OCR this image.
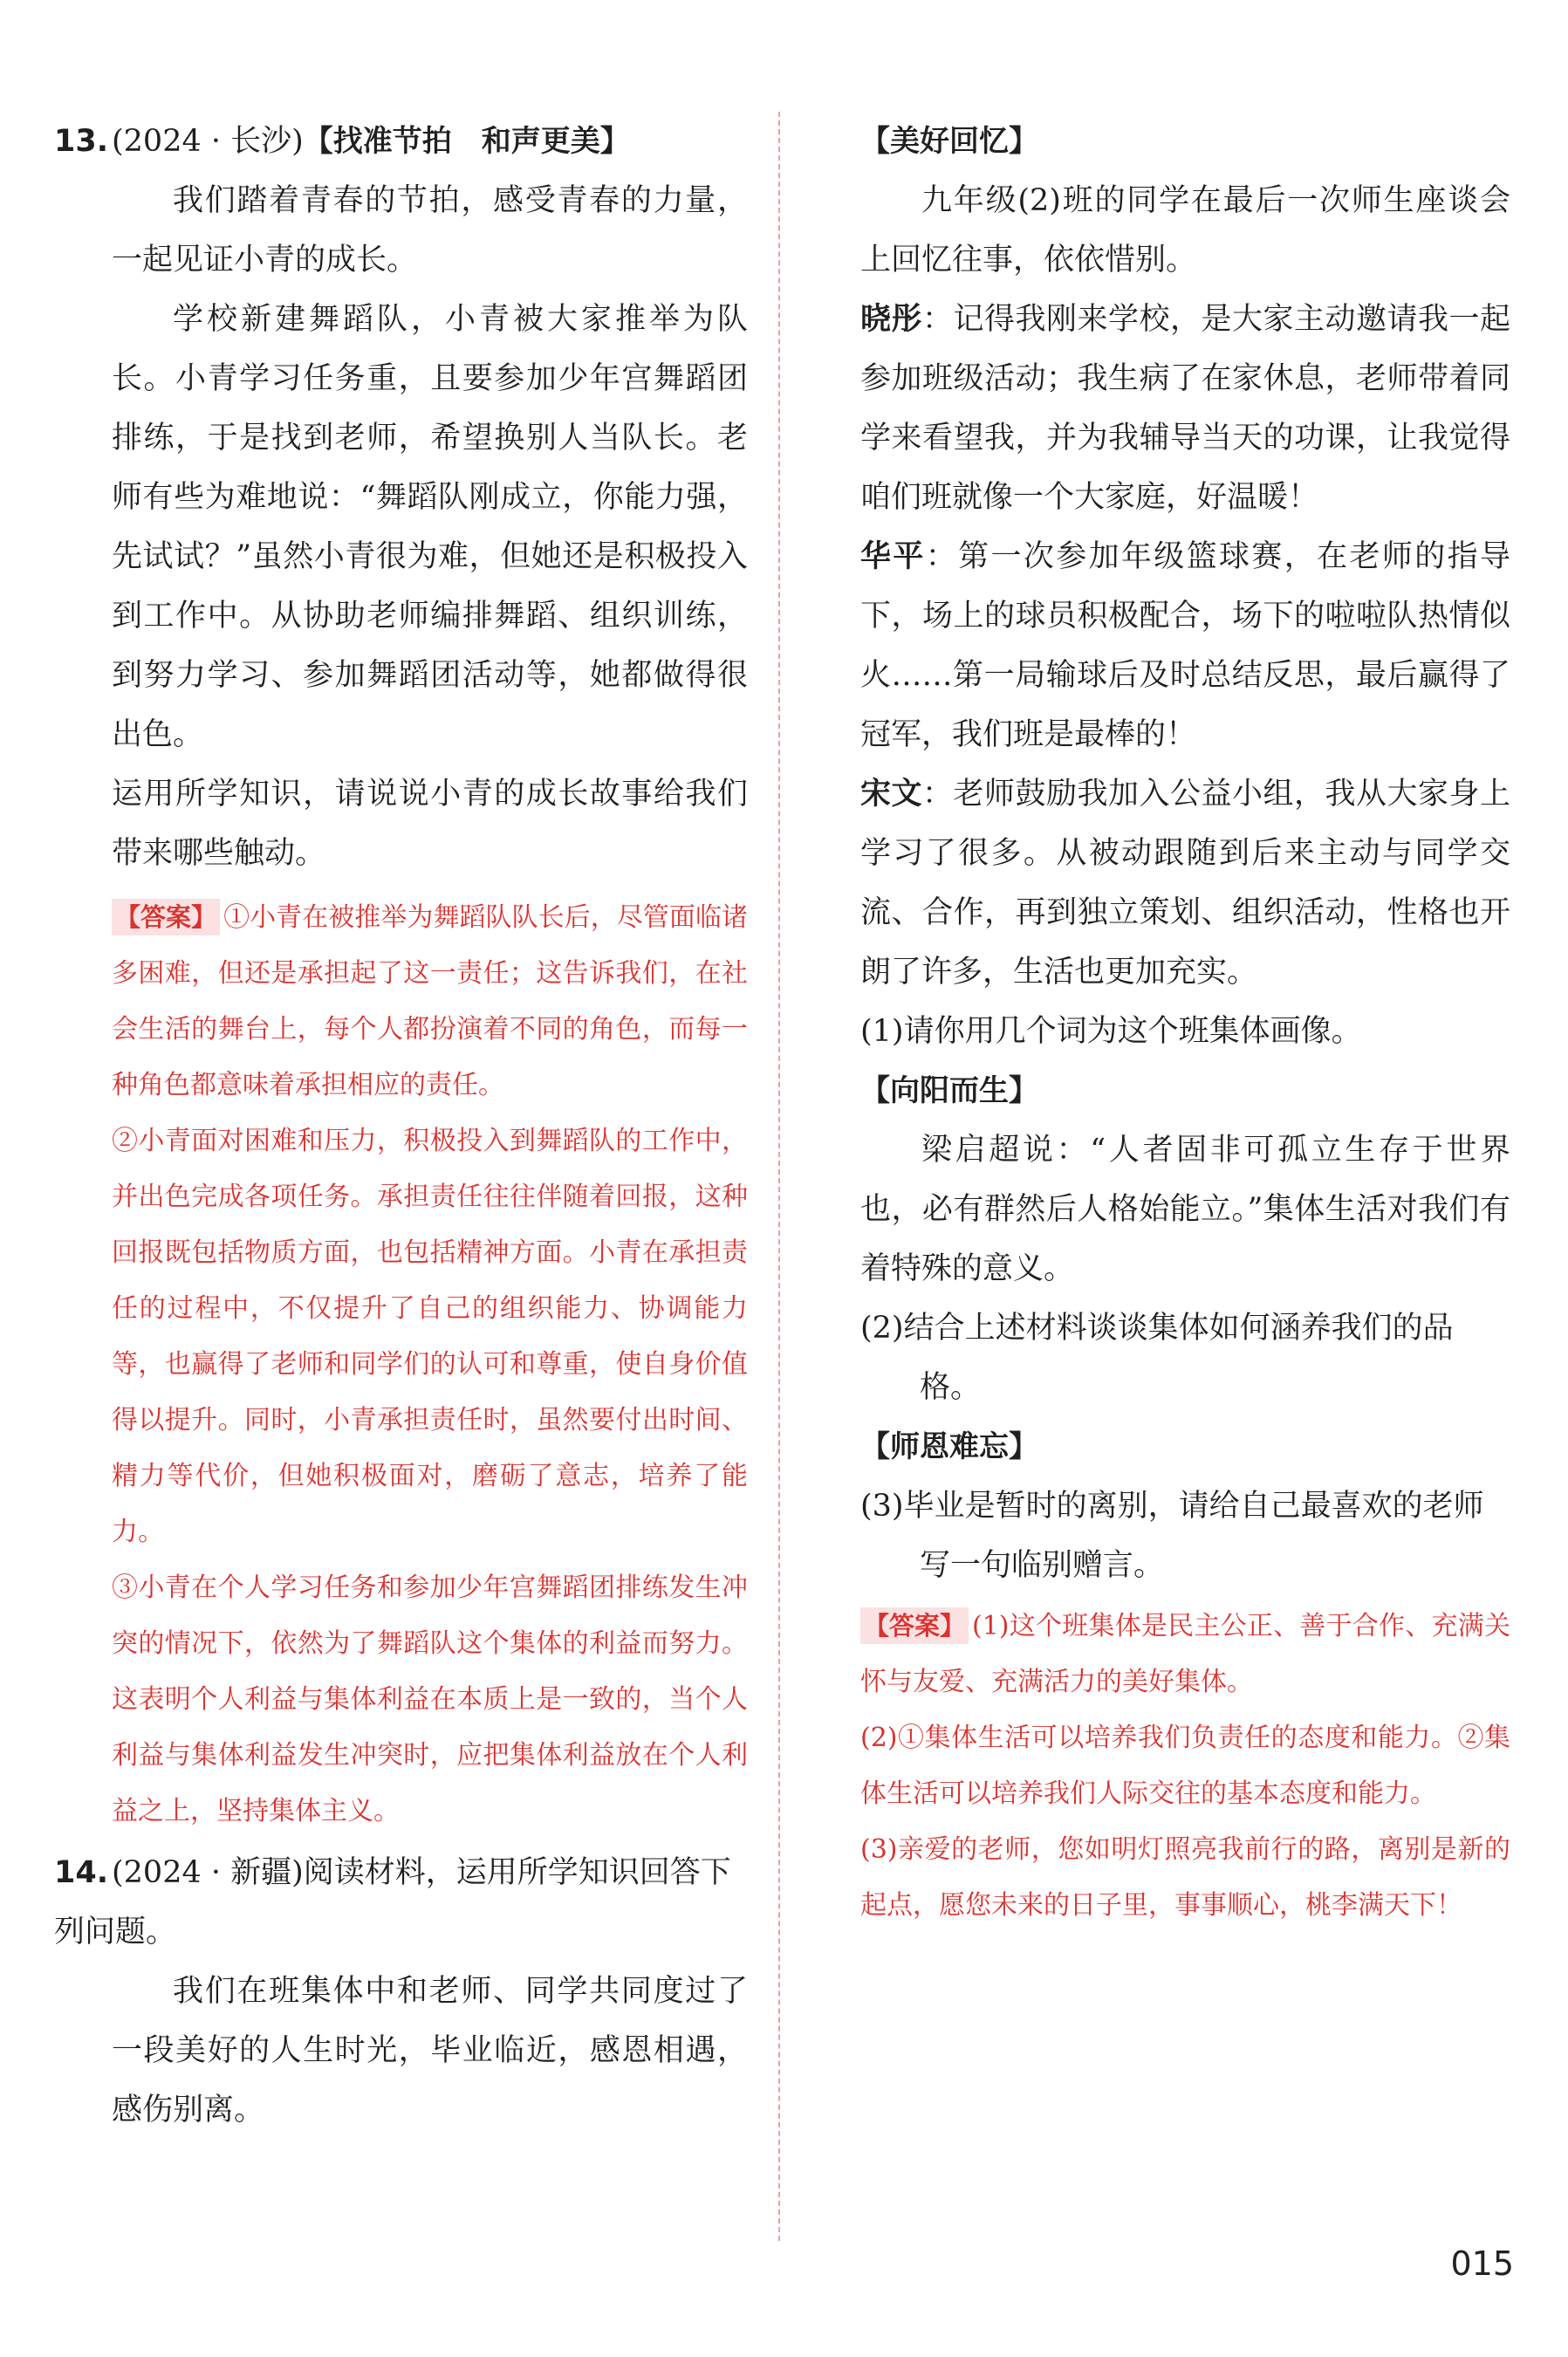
13. (2024 · 长沙)【找准节拍　和声更美】

我们踏着青春的节拍，感受青春的力量，一起见证小青的成长。

学校新建舞蹈队，小青被大家推举为队长。小青学习任务重，且要参加少年宫舞蹈团排练，于是找到老师，希望换别人当队长。老师有些为难地说：“舞蹈队刚成立，你能力强，先试试？”虽然小青很为难，但她还是积极投入到工作中。从协助老师编排舞蹈、组织训练，到努力学习、参加舞蹈团活动等，她都做得很出色。

运用所学知识，请说说小青的成长故事给我们带来哪些触动。

【答案】 ①小青在被推举为舞蹈队队长后，尽管面临诸多困难，但还是承担起了这一责任；这告诉我们，在社会生活的舞台上，每个人都扮演着不同的角色，而每一种角色都意味着承担相应的责任。

②小青面对困难和压力，积极投入到舞蹈队的工作中，并出色完成各项任务。承担责任往往伴随着回报，这种回报既包括物质方面，也包括精神方面。小青在承担责任的过程中，不仅提升了自己的组织能力、协调能力等，也赢得了老师和同学们的认可和尊重，使自身价值得以提升。同时，小青承担责任时，虽然要付出时间、精力等代价，但她积极面对，磨砺了意志，培养了能力。

③小青在个人学习任务和参加少年宫舞蹈团排练发生冲突的情况下，依然为了舞蹈队这个集体的利益而努力。这表明个人利益与集体利益在本质上是一致的，当个人利益与集体利益发生冲突时，应把集体利益放在个人利益之上，坚持集体主义。

14. (2024 · 新疆)阅读材料，运用所学知识回答下列问题。

我们在班集体中和老师、同学共同度过了一段美好的人生时光，毕业临近，感恩相遇，感伤别离。

【美好回忆】

九年级(2)班的同学在最后一次师生座谈会上回忆往事，依依惜别。

晓彤：记得我刚来学校，是大家主动邀请我一起参加班级活动；我生病了在家休息，老师带着同学来看望我，并为我辅导当天的功课，让我觉得咱们班就像一个大家庭，好温暖！

华平：第一次参加年级篮球赛，在老师的指导下，场上的球员积极配合，场下的啦啦队热情似火……第一局输球后及时总结反思，最后赢得了冠军，我们班是最棒的！

宋文：老师鼓励我加入公益小组，我从大家身上学习了很多。从被动跟随到后来主动与同学交流、合作，再到独立策划、组织活动，性格也开朗了许多，生活也更加充实。

(1)请你用几个词为这个班集体画像。

【向阳而生】

梁启超说：“人者固非可孤立生存于世界也，必有群然后人格始能立。”集体生活对我们有着特殊的意义。

(2)结合上述材料谈谈集体如何涵养我们的品格。

【师恩难忘】

(3)毕业是暂时的离别，请给自己最喜欢的老师写一句临别赠言。

【答案】 (1)这个班集体是民主公正、善于合作、充满关怀与友爱、充满活力的美好集体。

(2)①集体生活可以培养我们负责任的态度和能力。②集体生活可以培养我们人际交往的基本态度和能力。

(3)亲爱的老师，您如明灯照亮我前行的路，离别是新的起点，愿您未来的日子里，事事顺心，桃李满天下！

015
